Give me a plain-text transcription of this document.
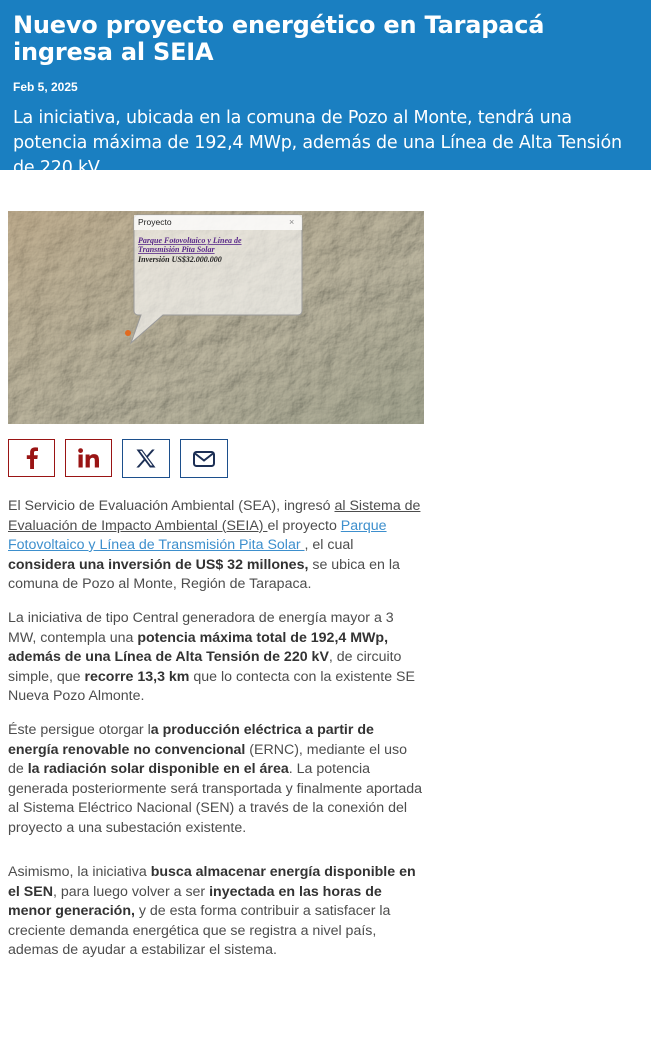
Nuevo proyecto energético en Tarapacá ingresa al SEIA
Feb 5, 2025
La iniciativa, ubicada en la comuna de Pozo al Monte, tendrá una potencia máxima de 192,4 MWp, además de una Línea de Alta Tensión de 220 kV.
Proyecto	×
Parque Fotovoltaico y Línea de
Transmisión Pita Solar
Inversión US$32.000.000

El Servicio de Evaluación Ambiental (SEA), ingresó al Sistema de Evaluación de Impacto Ambiental (SEIA) el proyecto Parque Fotovoltaico y Línea de Transmisión Pita Solar , el cual considera una inversión de US$ 32 millones, se ubica en la comuna de Pozo al Monte, Región de Tarapaca.

La iniciativa de tipo Central generadora de energía mayor a 3 MW, contempla una potencia máxima total de 192,4 MWp, además de una Línea de Alta Tensión de 220 kV, de circuito simple, que recorre 13,3 km que lo contecta con la existente SE Nueva Pozo Almonte.

Éste persigue otorgar la producción eléctrica a partir de energía renovable no convencional (ERNC), mediante el uso de la radiación solar disponible en el área. La potencia generada posteriormente será transportada y finalmente aportada al Sistema Eléctrico Nacional (SEN) a través de la conexión del proyecto a una subestación existente.

Asimismo, la iniciativa busca almacenar energía disponible en el SEN, para luego volver a ser inyectada en las horas de menor generación, y de esta forma contribuir a satisfacer la creciente demanda energética que se registra a nivel país, ademas de ayudar a estabilizar el sistema.
